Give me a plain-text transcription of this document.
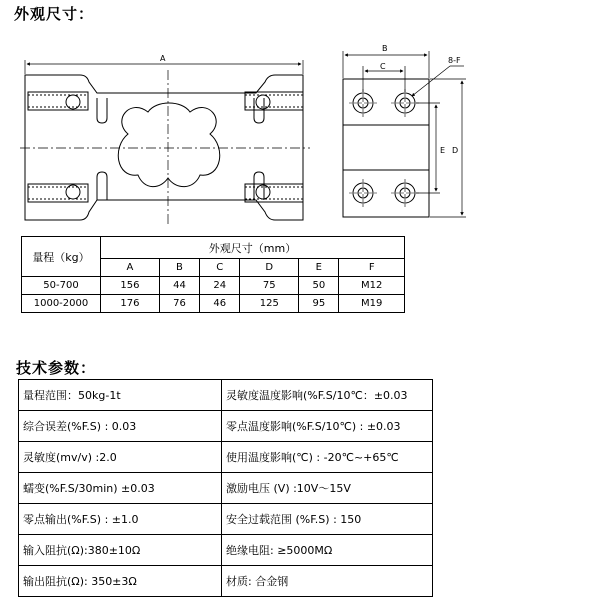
外观尺寸：
A
B
C
8-F
E D
量程（kg）	外观尺寸（mm）					
	A	B	C	D	E	F
50-700	156	44	24	75	50	M12
1000-2000	176	76	46	125	95	M19
技术参数：
量程范围：50kg-1t	灵敏度温度影响(%F.S/10℃：±0.03
综合误差(%F.S) : 0.03	零点温度影响(%F.S/10℃) : ±0.03
灵敏度(mv/v) :2.0	使用温度影响(℃) : -20℃~+65℃
蠕变(%F.S/30min) ±0.03	激励电压 (V) :10V～15V
零点输出(%F.S) : ±1.0	安全过载范围 (%F.S) : 150
输入阻抗(Ω):380±10Ω	绝缘电阻: ≥5000MΩ
输出阻抗(Ω): 350±3Ω	材质: 合金钢
